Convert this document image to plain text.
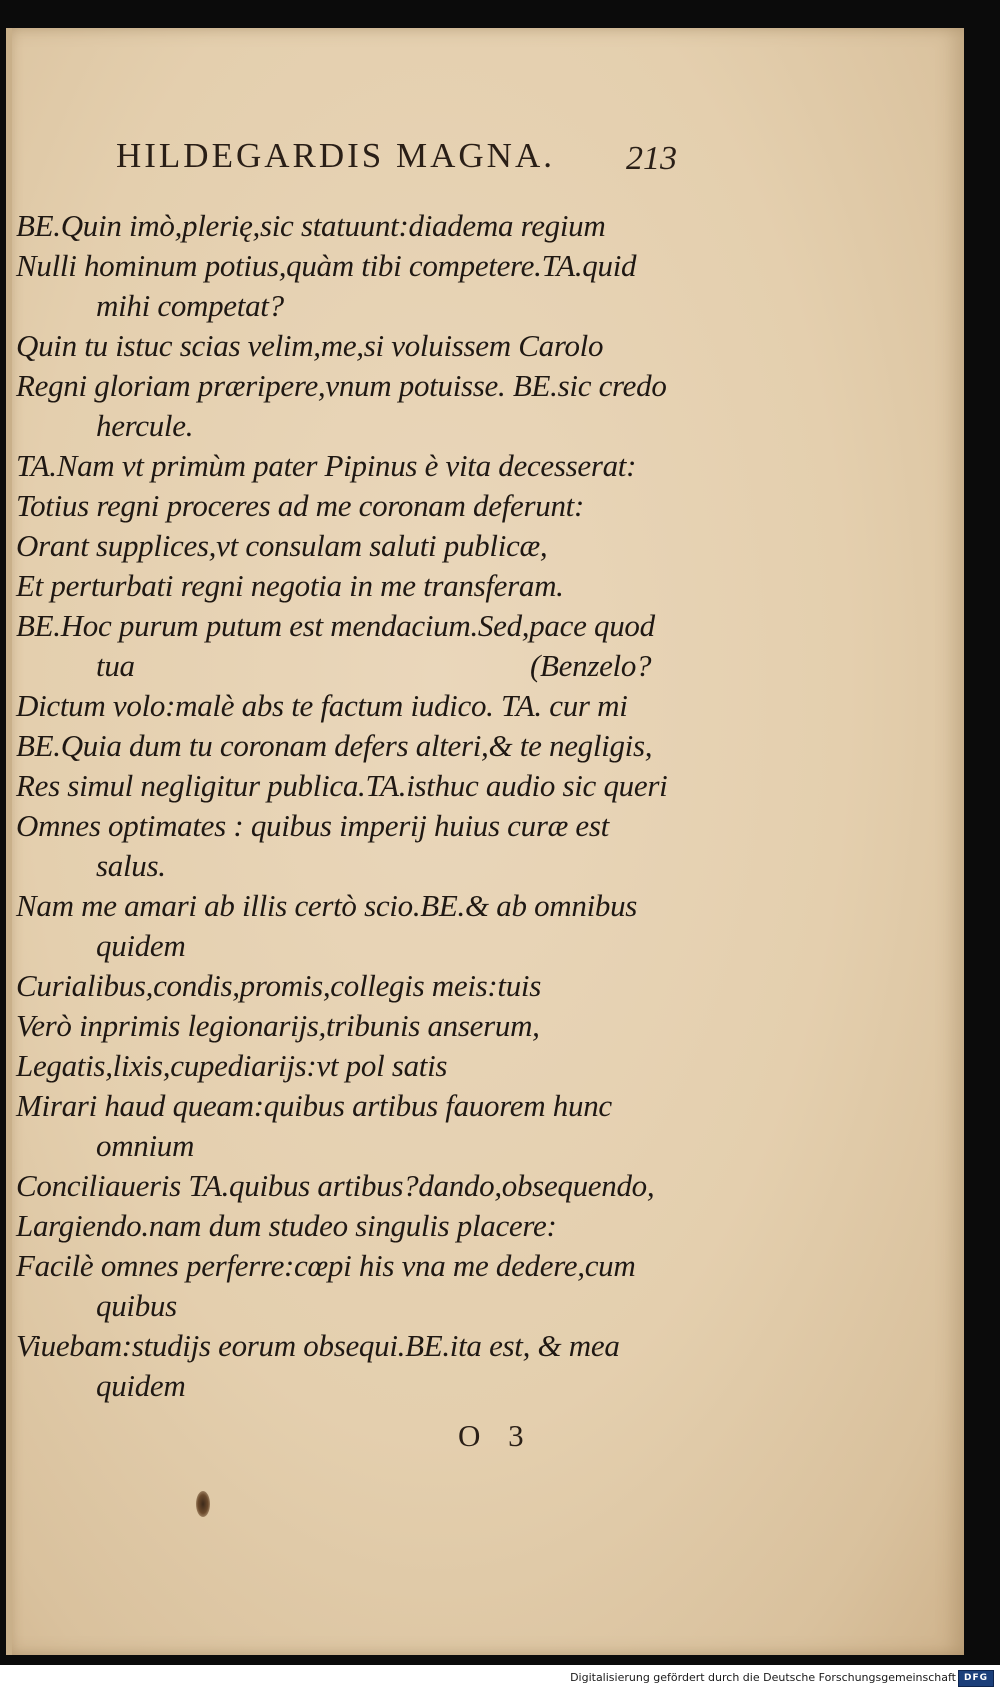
HILDEGARDIS MAGNA. 213
BE.Quin imò,plerię,sic statuunt:diadema regium
Nulli hominum potius,quàm tibi competere.TA.quid
mihi competat?
Quin tu istuc scias velim,me,si voluissem Carolo
Regni gloriam præripere,vnum potuisse. BE.sic credo
hercule.
TA.Nam vt primùm pater Pipinus è vita decesserat:
Totius regni proceres ad me coronam deferunt:
Orant supplices,vt consulam saluti publicæ,
Et perturbati regni negotia in me transferam.
BE.Hoc purum putum est mendacium.Sed,pace quod
tua	(Benzelo?
Dictum volo:malè abs te factum iudico. TA. cur mi
BE.Quia dum tu coronam defers alteri,& te negligis,
Res simul negligitur publica.TA.isthuc audio sic queri
Omnes optimates : quibus imperij huius curæ est
salus.
Nam me amari ab illis certò scio.BE.& ab omnibus
quidem
Curialibus,condis,promis,collegis meis:tuis
Verò inprimis legionarijs,tribunis anserum,
Legatis,lixis,cupediarijs:vt pol satis
Mirari haud queam:quibus artibus fauorem hunc
omnium
Conciliaueris TA.quibus artibus?dando,obsequendo,
Largiendo.nam dum studeo singulis placere:
Facilè omnes perferre:cœpi his vna me dedere,cum
quibus
Viuebam:studijs eorum obsequi.BE.ita est, & mea
quidem
O 3
Digitalisierung gefördert durch die Deutsche Forschungsgemeinschaft DFG
